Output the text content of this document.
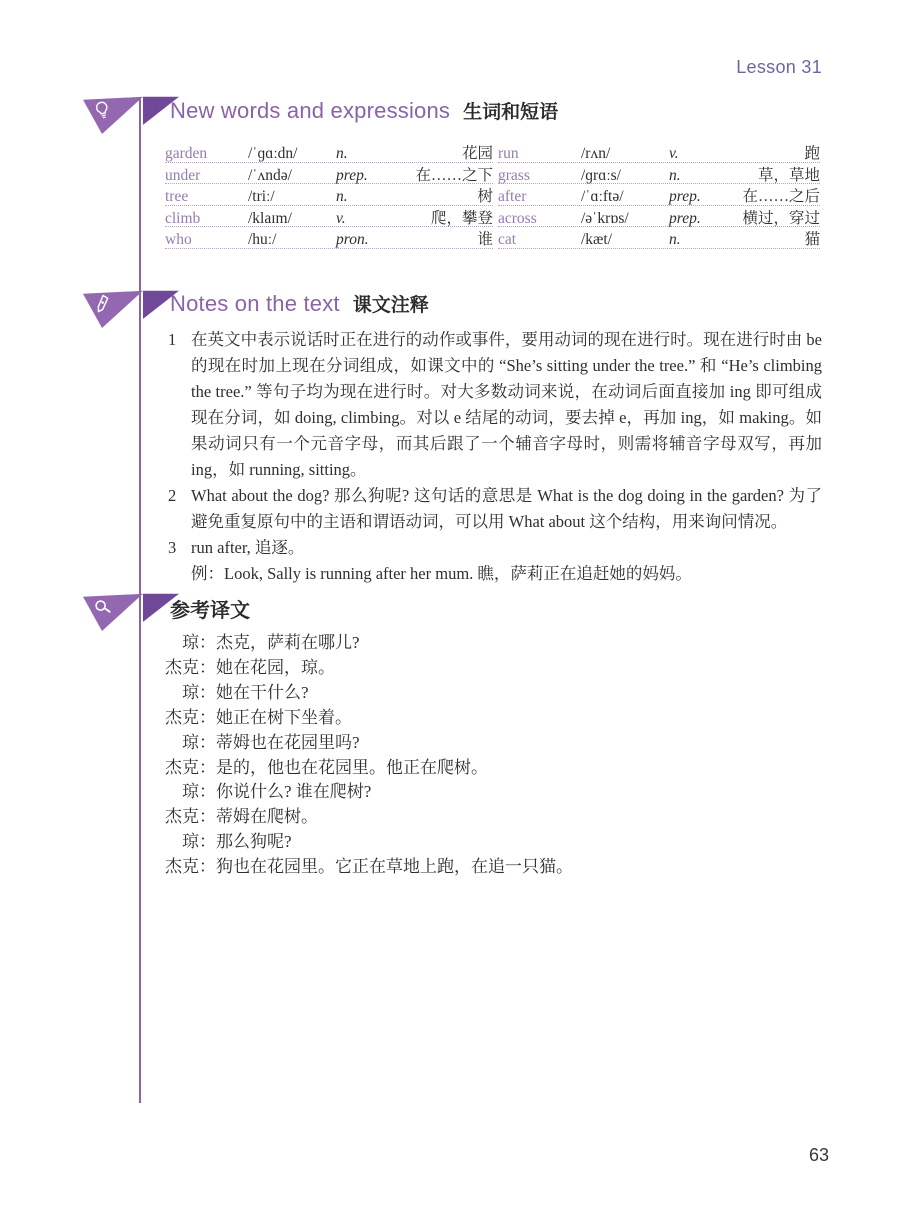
Lesson 31
New words and expressions 生词和短语
garden	/ˈɡɑːdn/	n.	花园
under	/ˈʌndə/	prep.	在……之下
tree	/triː/	n.	树
climb	/klaɪm/	v.	爬，攀登
who	/huː/	pron.	谁
run	/rʌn/	v.	跑
grass	/ɡrɑːs/	n.	草，草地
after	/ˈɑːftə/	prep.	在……之后
across	/əˈkrɒs/	prep.	横过，穿过
cat	/kæt/	n.	猫
Notes on the text 课文注释
1 在英文中表示说话时正在进行的动作或事件，要用动词的现在进行时。现在进行时由 be 的现在时加上现在分词组成，如课文中的 “She’s sitting under the tree.” 和 “He’s climbing the tree.” 等句子均为现在进行时。对大多数动词来说，在动词后面直接加 ing 即可组成现在分词，如 doing, climbing。对以 e 结尾的动词，要去掉 e，再加 ing，如 making。如果动词只有一个元音字母，而其后跟了一个辅音字母时，则需将辅音字母双写，再加 ing，如 running, sitting。
2 What about the dog? 那么狗呢? 这句话的意思是 What is the dog doing in the garden? 为了避免重复原句中的主语和谓语动词，可以用 What about 这个结构，用来询问情况。
3 run after, 追逐。
例：Look, Sally is running after her mum. 瞧，萨莉正在追赶她的妈妈。
参考译文
琼：杰克，萨莉在哪儿?
杰克：她在花园，琼。
琼：她在干什么?
杰克：她正在树下坐着。
琼：蒂姆也在花园里吗?
杰克：是的，他也在花园里。他正在爬树。
琼：你说什么? 谁在爬树?
杰克：蒂姆在爬树。
琼：那么狗呢?
杰克：狗也在花园里。它正在草地上跑，在追一只猫。
63
